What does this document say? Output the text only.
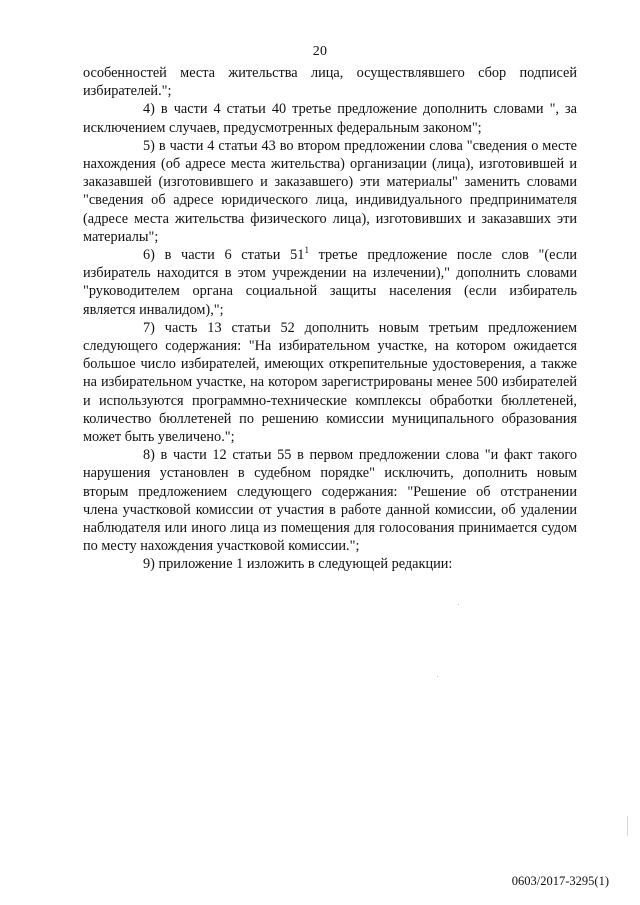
20

особенностей места жительства лица, осуществлявшего сбор подписей избирателей.";

4) в части 4 статьи 40 третье предложение дополнить словами ", за исключением случаев, предусмотренных федеральным законом";

5) в части 4 статьи 43 во втором предложении слова "сведения о месте нахождения (об адресе места жительства) организации (лица), изготовившей и заказавшей (изготовившего и заказавшего) эти материалы" заменить словами "сведения об адресе юридического лица, индивидуального предпринимателя (адресе места жительства физического лица), изготовивших и заказавших эти материалы";

6) в части 6 статьи $51^1$ третье предложение после слов "(если избиратель находится в этом учреждении на излечении)," дополнить словами "руководителем органа социальной защиты населения (если избиратель является инвалидом),";

7) часть 13 статьи 52 дополнить новым третьим предложением следующего содержания: "На избирательном участке, на котором ожидается большое число избирателей, имеющих открепительные удостоверения, а также на избирательном участке, на котором зарегистрированы менее 500 избирателей и используются программно-технические комплексы обработки бюллетеней, количество бюллетеней по решению комиссии муниципального образования может быть увеличено.";

8) в части 12 статьи 55 в первом предложении слова "и факт такого нарушения установлен в судебном порядке" исключить, дополнить новым вторым предложением следующего содержания: "Решение об отстранении члена участковой комиссии от участия в работе данной комиссии, об удалении наблюдателя или иного лица из помещения для голосования принимается судом по месту нахождения участковой комиссии.";

9) приложение 1 изложить в следующей редакции:

0603/2017-3295(1)
